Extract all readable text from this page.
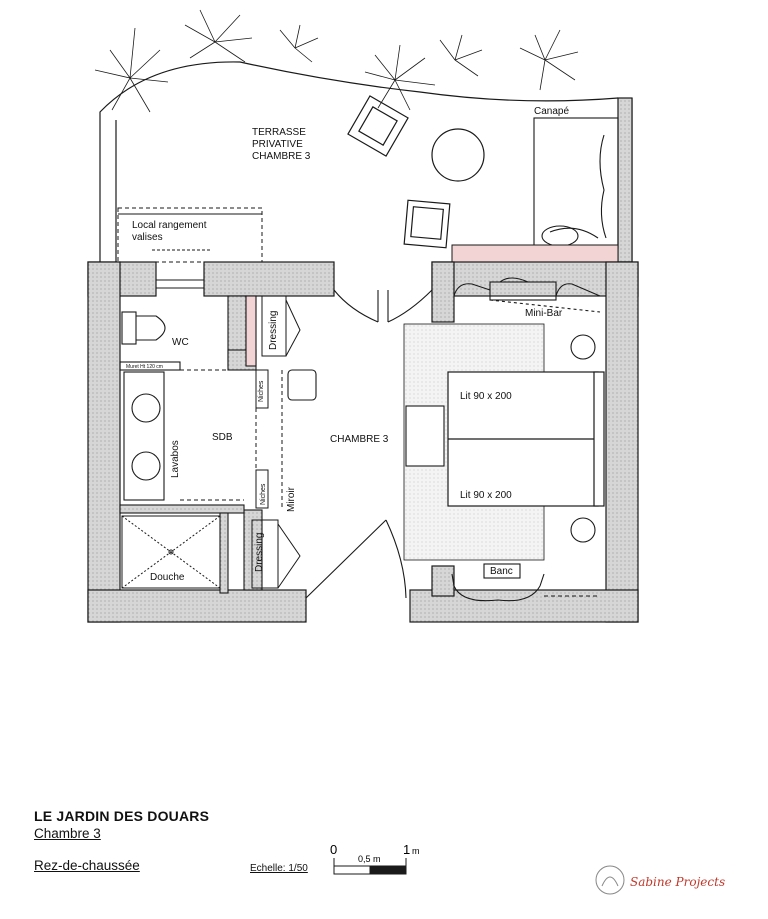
TERRASSE
PRIVATIVE
CHAMBRE 3
Local rangement
valises
Canapé
WC
Muret Ht 120 cm
Lavabos
SDB
Douche
Dressing
Dressing
Niches
Niches Miroir
CHAMBRE 3
Mini-Bar
Lit 90 x 200
Lit 90 x 200
Banc
0
0,5 m
1 m
Sabine Projects
LE JARDIN DES DOUARS
Chambre 3
Rez-de-chaussée	Echelle: 1/50
